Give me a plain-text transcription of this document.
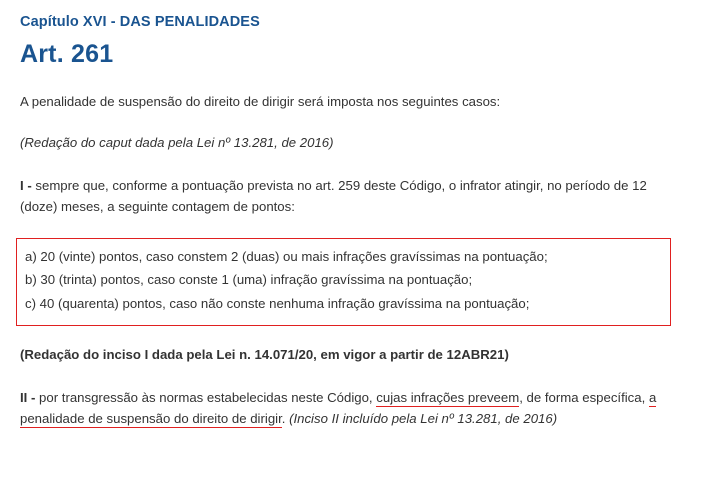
Capítulo XVI - DAS PENALIDADES
Art. 261

A penalidade de suspensão do direito de dirigir será imposta nos seguintes casos:

(Redação do caput dada pela Lei nº 13.281, de 2016)

I - sempre que, conforme a pontuação prevista no art. 259 deste Código, o infrator atingir, no período de 12 (doze) meses, a seguinte contagem de pontos:

a) 20 (vinte) pontos, caso constem 2 (duas) ou mais infrações gravíssimas na pontuação;

b) 30 (trinta) pontos, caso conste 1 (uma) infração gravíssima na pontuação;

c) 40 (quarenta) pontos, caso não conste nenhuma infração gravíssima na pontuação;

(Redação do inciso I dada pela Lei n. 14.071/20, em vigor a partir de 12ABR21)

II - por transgressão às normas estabelecidas neste Código, cujas infrações preveem, de forma específica, a penalidade de suspensão do direito de dirigir. (Inciso II incluído pela Lei nº 13.281, de 2016)
